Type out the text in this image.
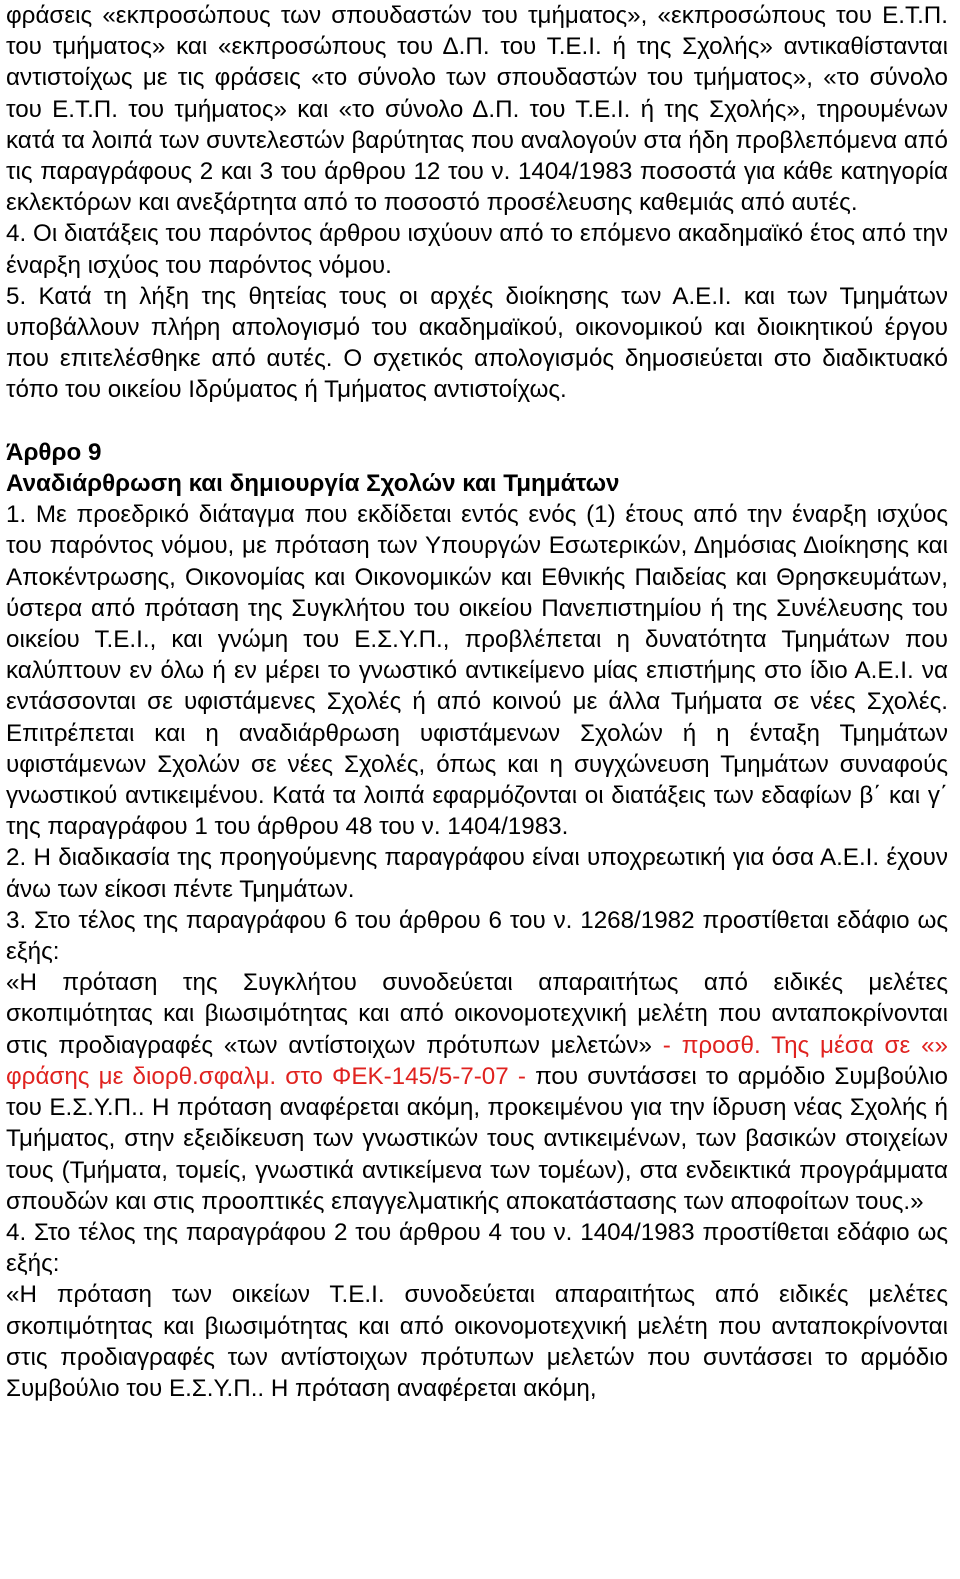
φράσεις «εκπροσώπους των σπουδαστών του τμήματος», «εκπροσώπους του Ε.Τ.Π. του τμήματος» και «εκπροσώπους του Δ.Π. του Τ.Ε.Ι. ή της Σχολής» αντικαθίστανται αντιστοίχως με τις φράσεις «το σύνολο των σπουδαστών του τμήματος», «το σύνολο του Ε.Τ.Π. του τμήματος» και «το σύνολο Δ.Π. του Τ.Ε.Ι. ή της Σχολής», τηρουμένων κατά τα λοιπά των συντελεστών βαρύτητας που αναλογούν στα ήδη προβλεπόμενα από τις παραγράφους 2 και 3 του άρθρου 12 του ν. 1404/1983 ποσοστά για κάθε κατηγορία εκλεκτόρων και ανεξάρτητα από το ποσοστό προσέλευσης καθεμιάς από αυτές.

4. Οι διατάξεις του παρόντος άρθρου ισχύουν από το επόμενο ακαδημαϊκό έτος από την έναρξη ισχύος του παρόντος νόμου.

5. Κατά τη λήξη της θητείας τους οι αρχές διοίκησης των Α.Ε.Ι. και των Τμημάτων υποβάλλουν πλήρη απολογισμό του ακαδημαϊκού, οικονομικού και διοικητικού έργου που επιτελέσθηκε από αυτές. Ο σχετικός απολογισμός δημοσιεύεται στο διαδικτυακό τόπο του οικείου Ιδρύματος ή Τμήματος αντιστοίχως.

Άρθρο 9

Αναδιάρθρωση και δημιουργία Σχολών και Τμημάτων

1. Με προεδρικό διάταγμα που εκδίδεται εντός ενός (1) έτους από την έναρξη ισχύος του παρόντος νόμου, με πρόταση των Υπουργών Εσωτερικών, Δημόσιας Διοίκησης και Αποκέντρωσης, Οικονομίας και Οικονομικών και Εθνικής Παιδείας και Θρησκευμάτων, ύστερα από πρόταση της Συγκλήτου του οικείου Πανεπιστημίου ή της Συνέλευσης του οικείου Τ.Ε.Ι., και γνώμη του Ε.Σ.Υ.Π., προβλέπεται η δυνατότητα Τμημάτων που καλύπτουν εν όλω ή εν μέρει το γνωστικό αντικείμενο μίας επιστήμης στο ίδιο Α.Ε.Ι. να εντάσσονται σε υφιστάμενες Σχολές ή από κοινού με άλλα Τμήματα σε νέες Σχολές. Επιτρέπεται και η αναδιάρθρωση υφιστάμενων Σχολών ή η ένταξη Τμημάτων υφιστάμενων Σχολών σε νέες Σχολές, όπως και η συγχώνευση Τμημάτων συναφούς γνωστικού αντικειμένου. Κατά τα λοιπά εφαρμόζονται οι διατάξεις των εδαφίων β΄ και γ΄ της παραγράφου 1 του άρθρου 48 του ν. 1404/1983.

2. Η διαδικασία της προηγούμενης παραγράφου είναι υποχρεωτική για όσα Α.Ε.Ι. έχουν άνω των είκοσι πέντε Τμημάτων.

3. Στο τέλος της παραγράφου 6 του άρθρου 6 του ν. 1268/1982 προστίθεται εδάφιο ως εξής:

«Η πρόταση της Συγκλήτου συνοδεύεται απαραιτήτως από ειδικές μελέτες σκοπιμότητας και βιωσιμότητας και από οικονομοτεχνική μελέτη που ανταποκρίνονται στις προδιαγραφές «των αντίστοιχων πρότυπων μελετών» - προσθ. Της μέσα σε «» φράσης με διορθ.σφαλμ. στο ΦΕΚ-145/5-7-07 - που συντάσσει το αρμόδιο Συμβούλιο του Ε.Σ.Υ.Π.. Η πρόταση αναφέρεται ακόμη, προκειμένου για την ίδρυση νέας Σχολής ή Τμήματος, στην εξειδίκευση των γνωστικών τους αντικειμένων, των βασικών στοιχείων τους (Τμήματα, τομείς, γνωστικά αντικείμενα των τομέων), στα ενδεικτικά προγράμματα σπουδών και στις προοπτικές επαγγελματικής αποκατάστασης των αποφοίτων τους.»

4. Στο τέλος της παραγράφου 2 του άρθρου 4 του ν. 1404/1983 προστίθεται εδάφιο ως εξής:

«Η πρόταση των οικείων Τ.Ε.Ι. συνοδεύεται απαραιτήτως από ειδικές μελέτες σκοπιμότητας και βιωσιμότητας και από οικονομοτεχνική μελέτη που ανταποκρίνονται στις προδιαγραφές των αντίστοιχων πρότυπων μελετών που συντάσσει το αρμόδιο Συμβούλιο του Ε.Σ.Υ.Π.. Η πρόταση αναφέρεται ακόμη,
